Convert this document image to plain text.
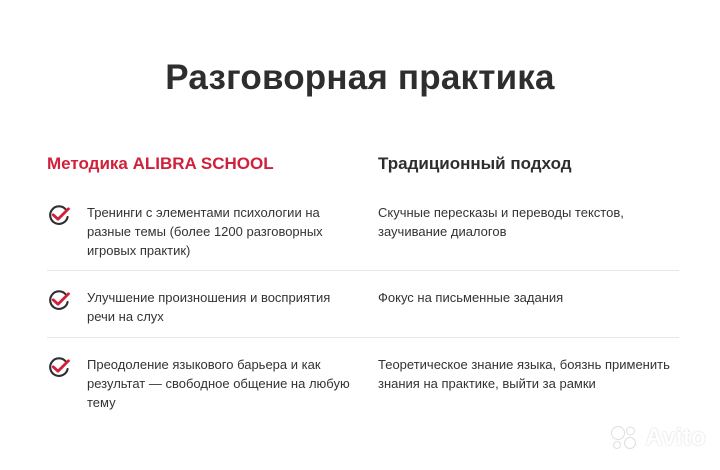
Разговорная практика
Методика ALIBRA SCHOOL	Традиционный подход
Тренинги с элементами психологии на разные темы (более 1200 разговорных игровых практик)
Скучные пересказы и переводы текстов, заучивание диалогов
Улучшение произношения и восприятия речи на слух
Фокус на письменные задания
Преодоление языкового барьера и как результат — свободное общение на любую тему
Теоретическое знание языка, боязнь применить знания на практике, выйти за рамки
Avito
